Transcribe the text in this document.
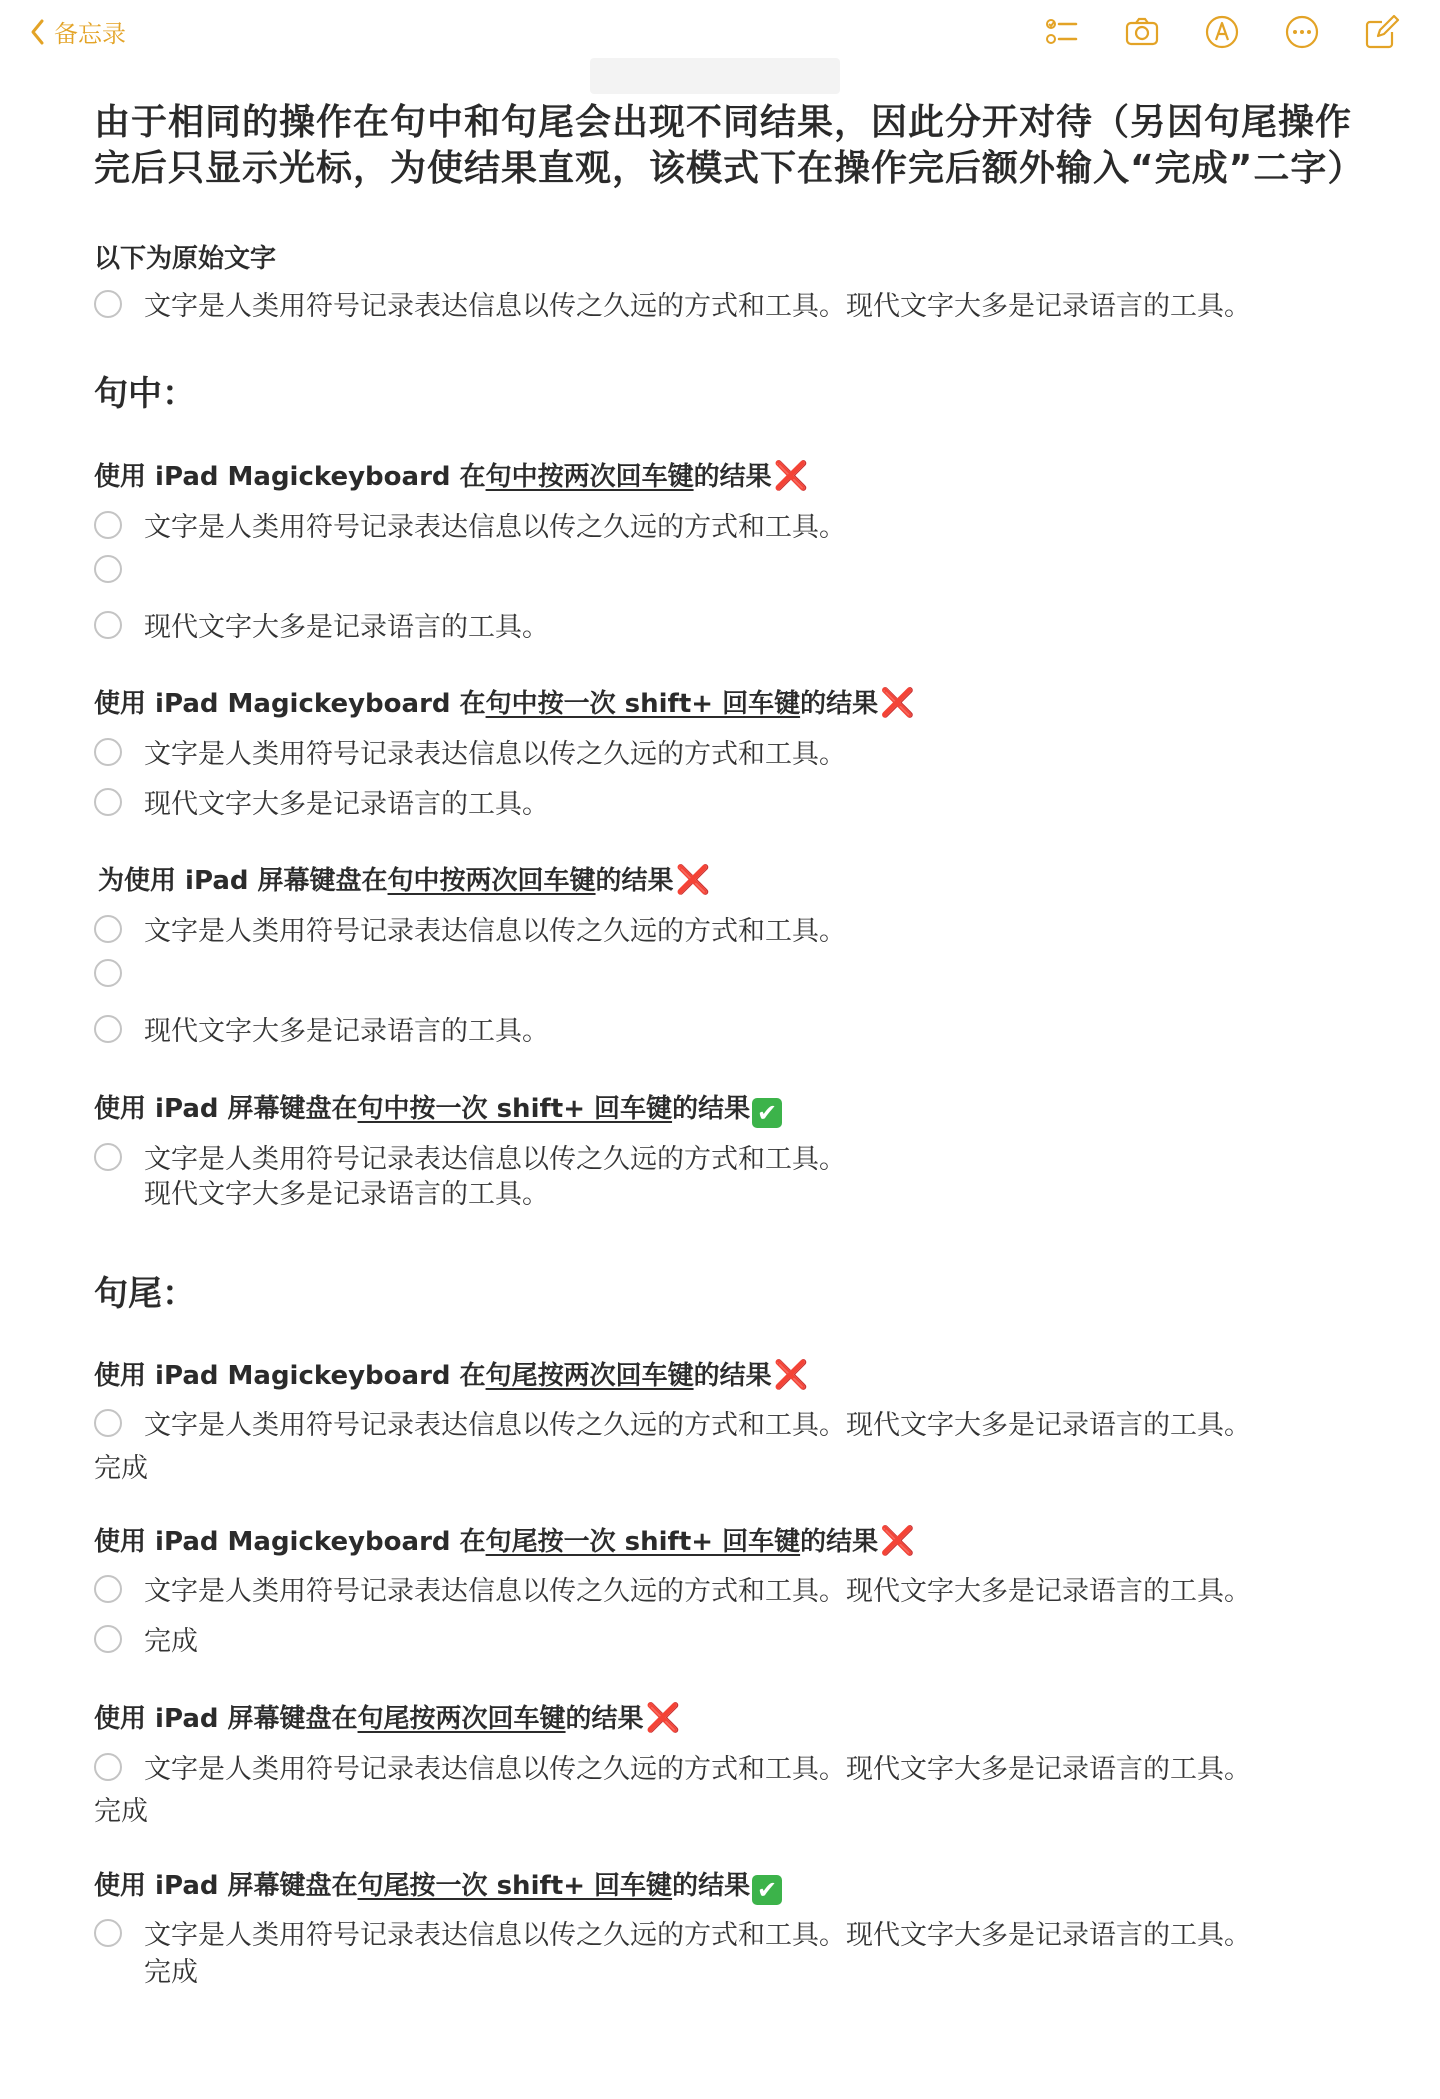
备忘录

由于相同的操作在句中和句尾会出现不同结果，因此分开对待（另因句尾操作

完后只显示光标，为使结果直观，该模式下在操作完后额外输入“完成”二字）

以下为原始文字
文字是人类用符号记录表达信息以传之久远的方式和工具。现代文字大多是记录语言的工具。
句中：
使用 iPad Magickeyboard 在句中按两次回车键的结果❌
文字是人类用符号记录表达信息以传之久远的方式和工具。
现代文字大多是记录语言的工具。
使用 iPad Magickeyboard 在句中按一次 shift+ 回车键的结果❌
文字是人类用符号记录表达信息以传之久远的方式和工具。
现代文字大多是记录语言的工具。
为使用 iPad 屏幕键盘在句中按两次回车键的结果❌
文字是人类用符号记录表达信息以传之久远的方式和工具。
现代文字大多是记录语言的工具。
使用 iPad 屏幕键盘在句中按一次 shift+ 回车键的结果 ✔
文字是人类用符号记录表达信息以传之久远的方式和工具。
现代文字大多是记录语言的工具。
句尾：
使用 iPad Magickeyboard 在句尾按两次回车键的结果❌
文字是人类用符号记录表达信息以传之久远的方式和工具。现代文字大多是记录语言的工具。
完成
使用 iPad Magickeyboard 在句尾按一次 shift+ 回车键的结果❌
文字是人类用符号记录表达信息以传之久远的方式和工具。现代文字大多是记录语言的工具。
完成
使用 iPad 屏幕键盘在句尾按两次回车键的结果❌
文字是人类用符号记录表达信息以传之久远的方式和工具。现代文字大多是记录语言的工具。
完成
使用 iPad 屏幕键盘在句尾按一次 shift+ 回车键的结果 ✔
文字是人类用符号记录表达信息以传之久远的方式和工具。现代文字大多是记录语言的工具。
完成
